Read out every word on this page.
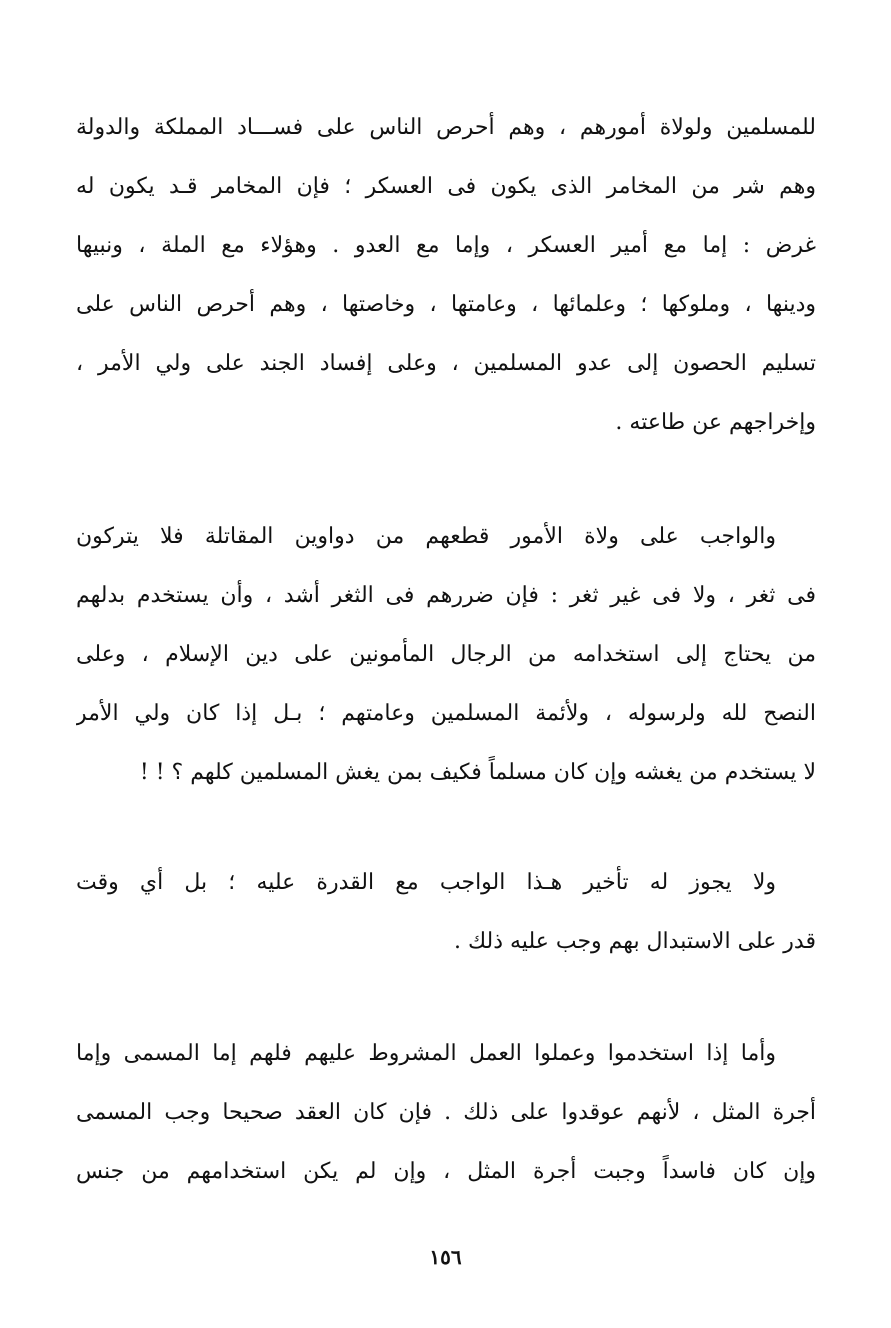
للمسلمين ولولاة أمورهم ، وهم أحرص الناس على فســـاد المملكة والدولة
وهم شر من المخامر الذى يكون فى العسكر ؛ فإن المخامر قـد يكون له
غرض : إما مع أمير العسكر ، وإما مع العدو . وهؤلاء مع الملة ، ونبيها
ودينها ، وملوكها ؛ وعلمائها ، وعامتها ، وخاصتها ، وهم أحرص الناس على
تسليم الحصون إلى عدو المسلمين ، وعلى إفساد الجند على ولي الأمر ،
وإخراجهم عن طاعته .
والواجب على ولاة الأمور قطعهم من دواوين المقاتلة فلا يتركون
فى ثغر ، ولا فى غير ثغر : فإن ضررهم فى الثغر أشد ، وأن يستخدم بدلهم
من يحتاج إلى استخدامه من الرجال المأمونين على دين الإسلام ، وعلى
النصح لله ولرسوله ، ولأئمة المسلمين وعامتهم ؛ بـل إذا كان ولي الأمر
لا يستخدم من يغشه وإن كان مسلماً فكيف بمن يغش المسلمين كلهم ؟ ! !
ولا يجوز له تأخير هـذا الواجب مع القدرة عليه ؛ بل أي وقت
قدر على الاستبدال بهم وجب عليه ذلك .
وأما إذا استخدموا وعملوا العمل المشروط عليهم فلهم إما المسمى وإما
أجرة المثل ، لأنهم عوقدوا على ذلك . فإن كان العقد صحيحا وجب المسمى
وإن كان فاسداً وجبت أجرة المثل ، وإن لم يكن استخدامهم من جنس
١٥٦
